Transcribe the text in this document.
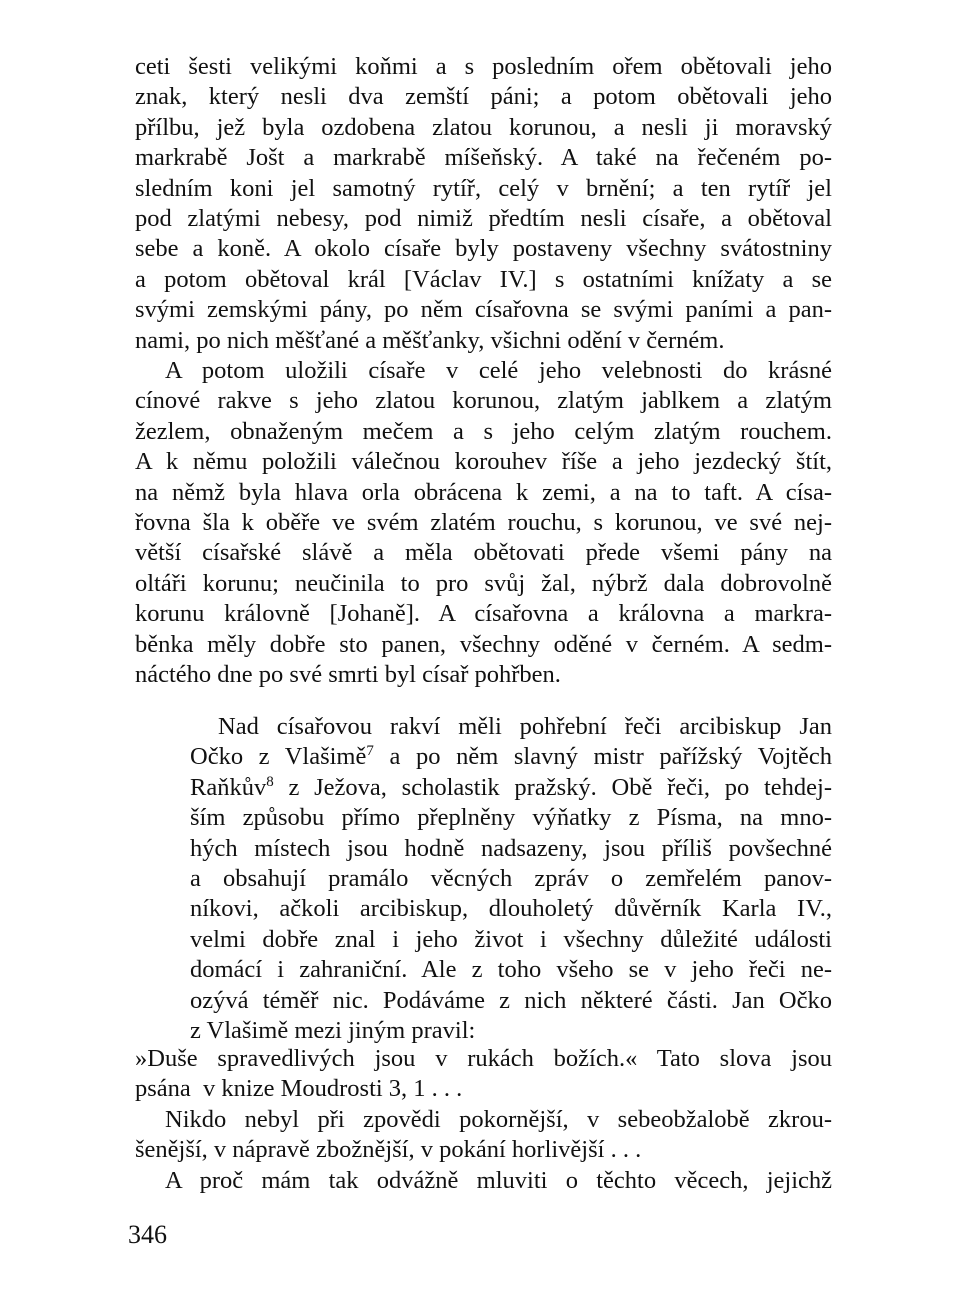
ceti šesti velikými koňmi a s posledním ořem obětovali jeho
znak, který nesli dva zemští páni; a potom obětovali jeho
přílbu, jež byla ozdobena zlatou korunou, a nesli ji moravský
markrabě Jošt a markrabě míšeňský. A také na řečeném po-
sledním koni jel samotný rytíř, celý v brnění; a ten rytíř jel
pod zlatými nebesy, pod nimiž předtím nesli císaře, a obětoval
sebe a koně. A okolo císaře byly postaveny všechny svátostniny
a potom obětoval král [Václav IV.] s ostatními knížaty a se
svými zemskými pány, po něm císařovna se svými paními a pan-
nami, po nich měšťané a měšťanky, všichni odění v černém.
A potom uložili císaře v celé jeho velebnosti do krásné
cínové rakve s jeho zlatou korunou, zlatým jablkem a zlatým
žezlem, obnaženým mečem a s jeho celým zlatým rouchem.
A k němu položili válečnou korouhev říše a jeho jezdecký štít,
na němž byla hlava orla obrácena k zemi, a na to taft. A císa-
řovna šla k oběře ve svém zlatém rouchu, s korunou, ve své nej-
větší císařské slávě a měla obětovati přede všemi pány na
oltáři korunu; neučinila to pro svůj žal, nýbrž dala dobrovolně
korunu královně [Johaně]. A císařovna a královna a markra-
běnka měly dobře sto panen, všechny oděné v černém. A sedm-
náctého dne po své smrti byl císař pohřben.
Nad císařovou rakví měli pohřební řeči arcibiskup Jan
Očko z Vlašimě$^7$ a po něm slavný mistr pařížský Vojtěch
Raňkův$^8$ z Ježova, scholastik pražský. Obě řeči, po tehdej-
ším způsobu přímo přeplněny výňatky z Písma, na mno-
hých místech jsou hodně nadsazeny, jsou příliš povšechné
a obsahují pramálo věcných zpráv o zemřelém panov-
níkovi, ačkoli arcibiskup, dlouholetý důvěrník Karla IV.,
velmi dobře znal i jeho život i všechny důležité události
domácí i zahraniční. Ale z toho všeho se v jeho řeči ne-
ozývá téměř nic. Podáváme z nich některé části. Jan Očko
z Vlašimě mezi jiným pravil:
»Duše spravedlivých jsou v rukách božích.« Tato slova jsou
psána  v knize Moudrosti 3, 1 . . .
Nikdo nebyl při zpovědi pokornější, v sebeobžalobě zkrou-
šenější, v nápravě zbožnější, v pokání horlivější . . .
A proč mám tak odvážně mluviti o těchto věcech, jejichž
346
